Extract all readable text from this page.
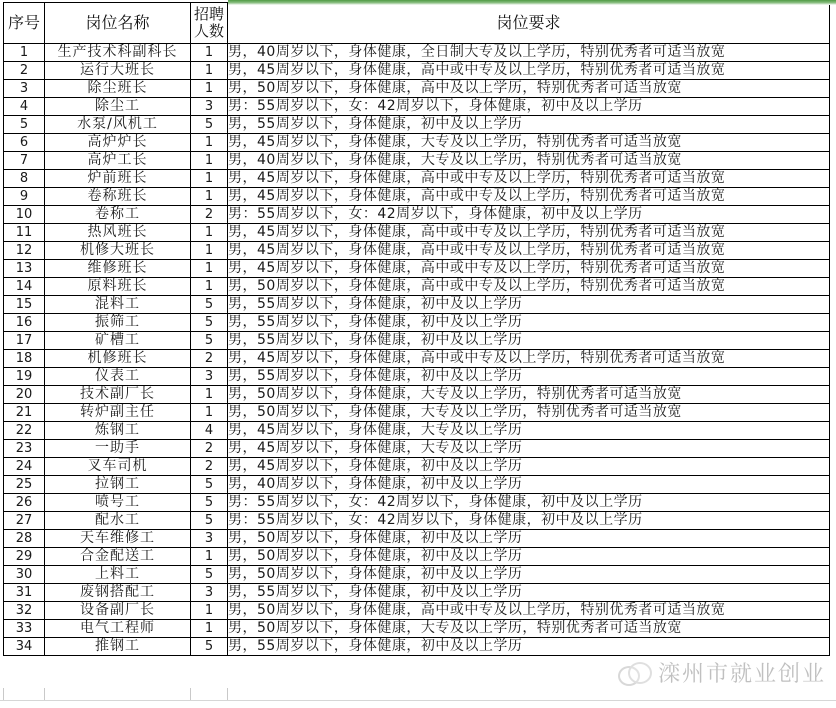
序号	岗位名称	招聘人数	岗位要求
1	生产技术科副科长	1	男，40周岁以下，身体健康，全日制大专及以上学历，特别优秀者可适当放宽
2	运行大班长	1	男，45周岁以下，身体健康，高中或中专及以上学历，特别优秀者可适当放宽
3	除尘班长	1	男，50周岁以下，身体健康，高中及以上学历，特别优秀者可适当放宽
4	除尘工	3	男：55周岁以下，女：42周岁以下，身体健康，初中及以上学历
5	水泵/风机工	5	男，55周岁以下，身体健康，初中及以上学历
6	高炉炉长	1	男，45周岁以下，身体健康，大专及以上学历，特别优秀者可适当放宽
7	高炉工长	1	男，40周岁以下，身体健康，大专及以上学历，特别优秀者可适当放宽
8	炉前班长	1	男，45周岁以下，身体健康，高中或中专及以上学历，特别优秀者可适当放宽
9	卷称班长	1	男，45周岁以下，身体健康，高中或中专及以上学历，特别优秀者可适当放宽
10	卷称工	2	男：55周岁以下，女：42周岁以下，身体健康，初中及以上学历
11	热风班长	1	男，45周岁以下，身体健康，高中或中专及以上学历，特别优秀者可适当放宽
12	机修大班长	1	男，45周岁以下，身体健康，高中或中专及以上学历，特别优秀者可适当放宽
13	维修班长	1	男，45周岁以下，身体健康，高中或中专及以上学历，特别优秀者可适当放宽
14	原料班长	1	男，50周岁以下，身体健康，高中或中专及以上学历，特别优秀者可适当放宽
15	混料工	5	男，55周岁以下，身体健康，初中及以上学历
16	振筛工	5	男，55周岁以下，身体健康，初中及以上学历
17	矿槽工	5	男，55周岁以下，身体健康，初中及以上学历
18	机修班长	2	男，45周岁以下，身体健康，高中或中专及以上学历，特别优秀者可适当放宽
19	仪表工	3	男，55周岁以下，身体健康，初中及以上学历
20	技术副厂长	1	男，50周岁以下，身体健康，大专及以上学历，特别优秀者可适当放宽
21	转炉副主任	1	男，50周岁以下，身体健康，大专及以上学历，特别优秀者可适当放宽
22	炼钢工	4	男，45周岁以下，身体健康，大专及以上学历
23	一助手	2	男，45周岁以下，身体健康，大专及以上学历
24	叉车司机	2	男，45周岁以下，身体健康，初中及以上学历
25	拉钢工	5	男，40周岁以下，身体健康，初中及以上学历
26	喷号工	5	男：55周岁以下，女：42周岁以下，身体健康，初中及以上学历
27	配水工	5	男：55周岁以下，女：42周岁以下，身体健康，初中及以上学历
28	天车维修工	3	男，50周岁以下，身体健康，初中及以上学历
29	合金配送工	1	男，50周岁以下，身体健康，初中及以上学历
30	上料工	5	男，50周岁以下，身体健康，初中及以上学历
31	废钢搭配工	3	男，55周岁以下，身体健康，初中及以上学历
32	设备副厂长	1	男，50周岁以下，身体健康，高中或中专及以上学历，特别优秀者可适当放宽
33	电气工程师	1	男，50周岁以下，身体健康，大专及以上学历，特别优秀者可适当放宽
34	推钢工	5	男，55周岁以下，身体健康，初中及以上学历
滦州市就业创业
